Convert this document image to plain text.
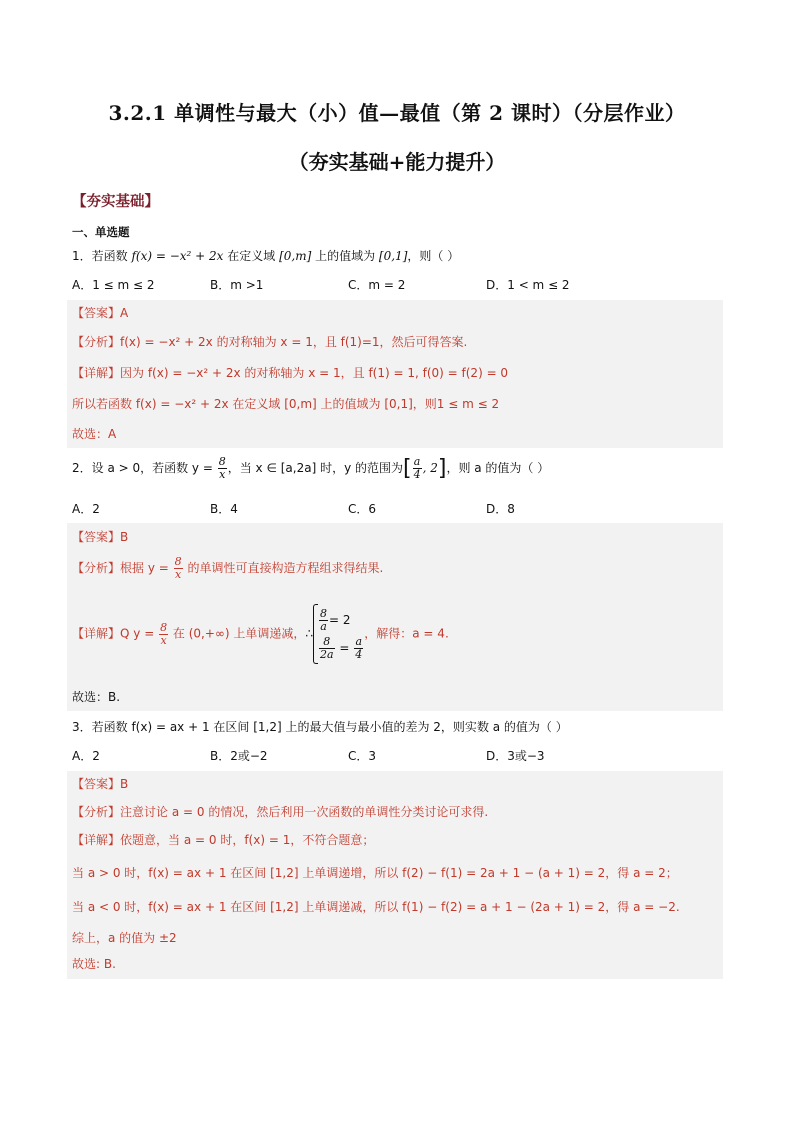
3.2.1 单调性与最大（小）值—最值（第 2 课时）（分层作业）
（夯实基础+能力提升）
【夯实基础】
一、单选题
1．若函数 f(x) = −x² + 2x 在定义域 [0,m] 上的值域为 [0,1]，则（ ）
A．1 ≤ m ≤ 2	B．m >1	C．m = 2	D．1 < m ≤ 2
【答案】A
【分析】f(x) = −x² + 2x 的对称轴为 x = 1，且 f(1)=1，然后可得答案.
【详解】因为 f(x) = −x² + 2x 的对称轴为 x = 1，且 f(1) = 1, f(0) = f(2) = 0
所以若函数 f(x) = −x² + 2x 在定义域 [0,m] 上的值域为 [0,1]，则1 ≤ m ≤ 2
故选：A
2．设 a > 0，若函数 $y = \frac{8}{x}$ ，当 x ∈ [a,2a] 时，y 的范围为[ $\frac{a}{4}$ , 2]，则 a 的值为（ ）
A．2	B．4	C．6	D．8
【答案】B
【分析】根据 $y = \frac{8}{x}$ 的单调性可直接构造方程组求得结果.
【详解】Q $y = \frac{8}{x}$ 在 (0,+∞) 上单调递减，∴
$\frac{8}{a} = 2$
$\frac{8}{2a} = \frac{a}{4}$
，解得：a = 4.
故选：B.
3．若函数 f(x) = ax + 1 在区间 [1,2] 上的最大值与最小值的差为 2，则实数 a 的值为（ ）
A．2	B．2或−2	C．3	D．3或−3
【答案】B
【分析】注意讨论 a = 0 的情况，然后利用一次函数的单调性分类讨论可求得.
【详解】依题意，当 a = 0 时，f(x) = 1，不符合题意；
当 a > 0 时，f(x) = ax + 1 在区间 [1,2] 上单调递增，所以 f(2) − f(1) = 2a + 1 − (a + 1) = 2，得 a = 2；
当 a < 0 时，f(x) = ax + 1 在区间 [1,2] 上单调递减，所以 f(1) − f(2) = a + 1 − (2a + 1) = 2，得 a = −2.
综上，a 的值为 ±2
故选: B.
